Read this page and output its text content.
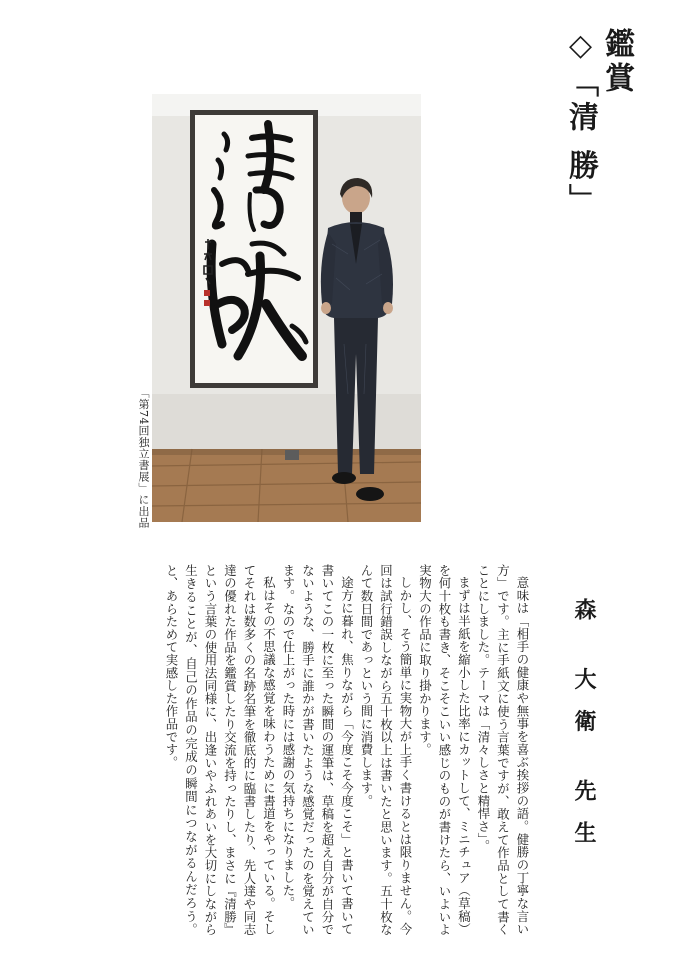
鑑賞
◇「清 勝」
「第74回独立書展」に出品
森 大衛 先生

意味は「相手の健康や無事を喜ぶ挨拶の語。健勝の丁寧な言い方」です。主に手紙文に使う言葉ですが、敢えて作品として書くことにしました。テーマは「清々しさと精悍さ」。

まずは半紙を縮小した比率にカットして、ミニチュア（草稿）を何十枚も書き、そこそこいい感じのものが書けたら、いよいよ実物大の作品に取り掛かります。

しかし、そう簡単に実物大が上手く書けるとは限りません。今回は試行錯誤しながら五十枚以上は書いたと思います。五十枚なんて数日間であっという間に消費します。

途方に暮れ、焦りながら「今度こそ今度こそ」と書いて書いて書いてこの一枚に至った瞬間の運筆は、草稿を超え自分が自分でないような、勝手に誰かが書いたような感覚だったのを覚えています。なので仕上がった時には感謝の気持ちになりました。

私はその不思議な感覚を味わうために書道をやっている。そしてそれは数多くの名跡名筆を徹底的に臨書したり、先人達や同志達の優れた作品を鑑賞したり交流を持ったりし、まさに『清勝』という言葉の使用法同様に、出逢いやふれあいを大切にしながら生きることが、自己の作品の完成の瞬間につながるんだろう。と、あらためて実感した作品です。
